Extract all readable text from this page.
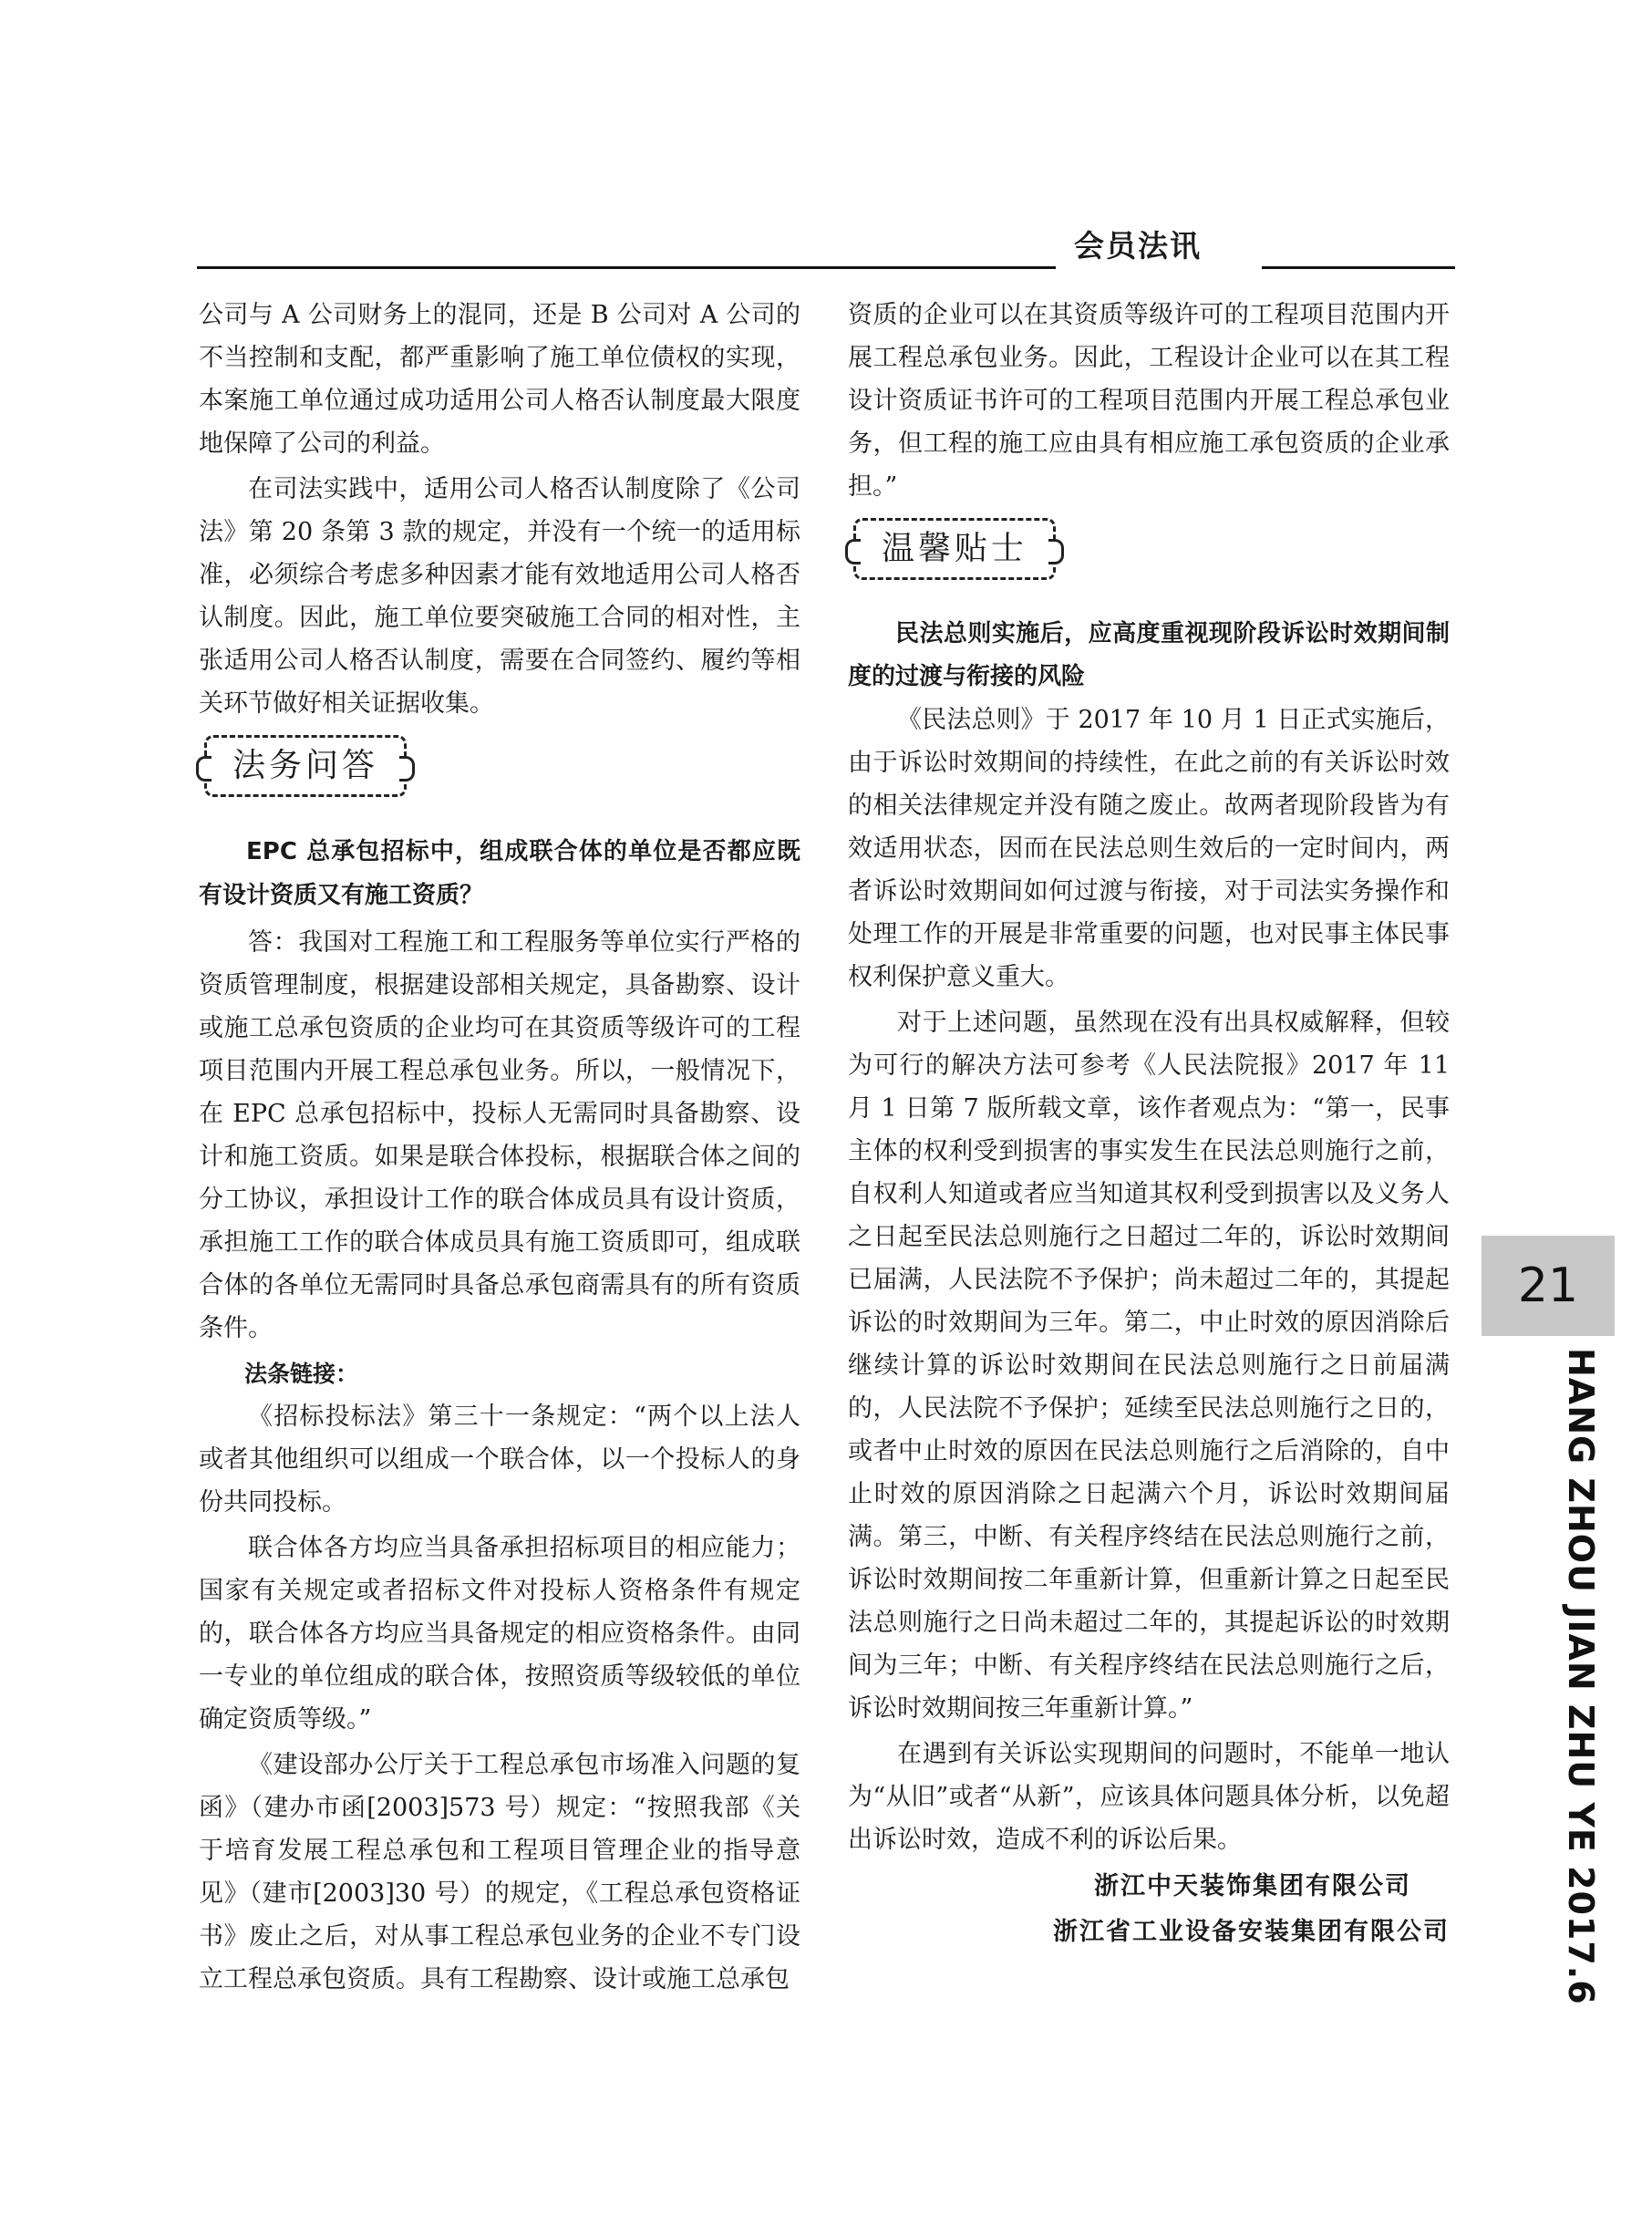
会员法讯

公司与 A 公司财务上的混同，还是 B 公司对 A 公司的不当控制和支配，都严重影响了施工单位债权的实现，本案施工单位通过成功适用公司人格否认制度最大限度地保障了公司的利益。

在司法实践中，适用公司人格否认制度除了《公司法》第 20 条第 3 款的规定，并没有一个统一的适用标准，必须综合考虑多种因素才能有效地适用公司人格否认制度。因此，施工单位要突破施工合同的相对性，主张适用公司人格否认制度，需要在合同签约、履约等相关环节做好相关证据收集。

法务问答

EPC 总承包招标中，组成联合体的单位是否都应既有设计资质又有施工资质？

答：我国对工程施工和工程服务等单位实行严格的资质管理制度，根据建设部相关规定，具备勘察、设计或施工总承包资质的企业均可在其资质等级许可的工程项目范围内开展工程总承包业务。所以，一般情况下，在 EPC 总承包招标中，投标人无需同时具备勘察、设计和施工资质。如果是联合体投标，根据联合体之间的分工协议，承担设计工作的联合体成员具有设计资质，承担施工工作的联合体成员具有施工资质即可，组成联合体的各单位无需同时具备总承包商需具有的所有资质条件。

法条链接：

《招标投标法》第三十一条规定：“两个以上法人或者其他组织可以组成一个联合体，以一个投标人的身份共同投标。

联合体各方均应当具备承担招标项目的相应能力；国家有关规定或者招标文件对投标人资格条件有规定的，联合体各方均应当具备规定的相应资格条件。由同一专业的单位组成的联合体，按照资质等级较低的单位确定资质等级。”

《建设部办公厅关于工程总承包市场准入问题的复函》（建办市函[2003]573 号）规定：“按照我部《关于培育发展工程总承包和工程项目管理企业的指导意见》（建市[2003]30 号）的规定，《工程总承包资格证书》废止之后，对从事工程总承包业务的企业不专门设立工程总承包资质。具有工程勘察、设计或施工总承包

资质的企业可以在其资质等级许可的工程项目范围内开展工程总承包业务。因此，工程设计企业可以在其工程设计资质证书许可的工程项目范围内开展工程总承包业务，但工程的施工应由具有相应施工承包资质的企业承担。”

温馨贴士

民法总则实施后，应高度重视现阶段诉讼时效期间制度的过渡与衔接的风险

《民法总则》于 2017 年 10 月 1 日正式实施后，由于诉讼时效期间的持续性，在此之前的有关诉讼时效的相关法律规定并没有随之废止。故两者现阶段皆为有效适用状态，因而在民法总则生效后的一定时间内，两者诉讼时效期间如何过渡与衔接，对于司法实务操作和处理工作的开展是非常重要的问题，也对民事主体民事权利保护意义重大。

对于上述问题，虽然现在没有出具权威解释，但较为可行的解决方法可参考《人民法院报》2017 年 11 月 1 日第 7 版所载文章，该作者观点为：“第一，民事主体的权利受到损害的事实发生在民法总则施行之前，自权利人知道或者应当知道其权利受到损害以及义务人之日起至民法总则施行之日超过二年的，诉讼时效期间已届满，人民法院不予保护；尚未超过二年的，其提起诉讼的时效期间为三年。第二，中止时效的原因消除后继续计算的诉讼时效期间在民法总则施行之日前届满的，人民法院不予保护；延续至民法总则施行之日的，或者中止时效的原因在民法总则施行之后消除的，自中止时效的原因消除之日起满六个月，诉讼时效期间届满。第三，中断、有关程序终结在民法总则施行之前，诉讼时效期间按二年重新计算，但重新计算之日起至民法总则施行之日尚未超过二年的，其提起诉讼的时效期间为三年；中断、有关程序终结在民法总则施行之后，诉讼时效期间按三年重新计算。”

在遇到有关诉讼实现期间的问题时，不能单一地认为“从旧”或者“从新”，应该具体问题具体分析，以免超出诉讼时效，造成不利的诉讼后果。

浙江中天装饰集团有限公司

浙江省工业设备安装集团有限公司

21
HANG ZHOU JIAN ZHU YE 2017.6
